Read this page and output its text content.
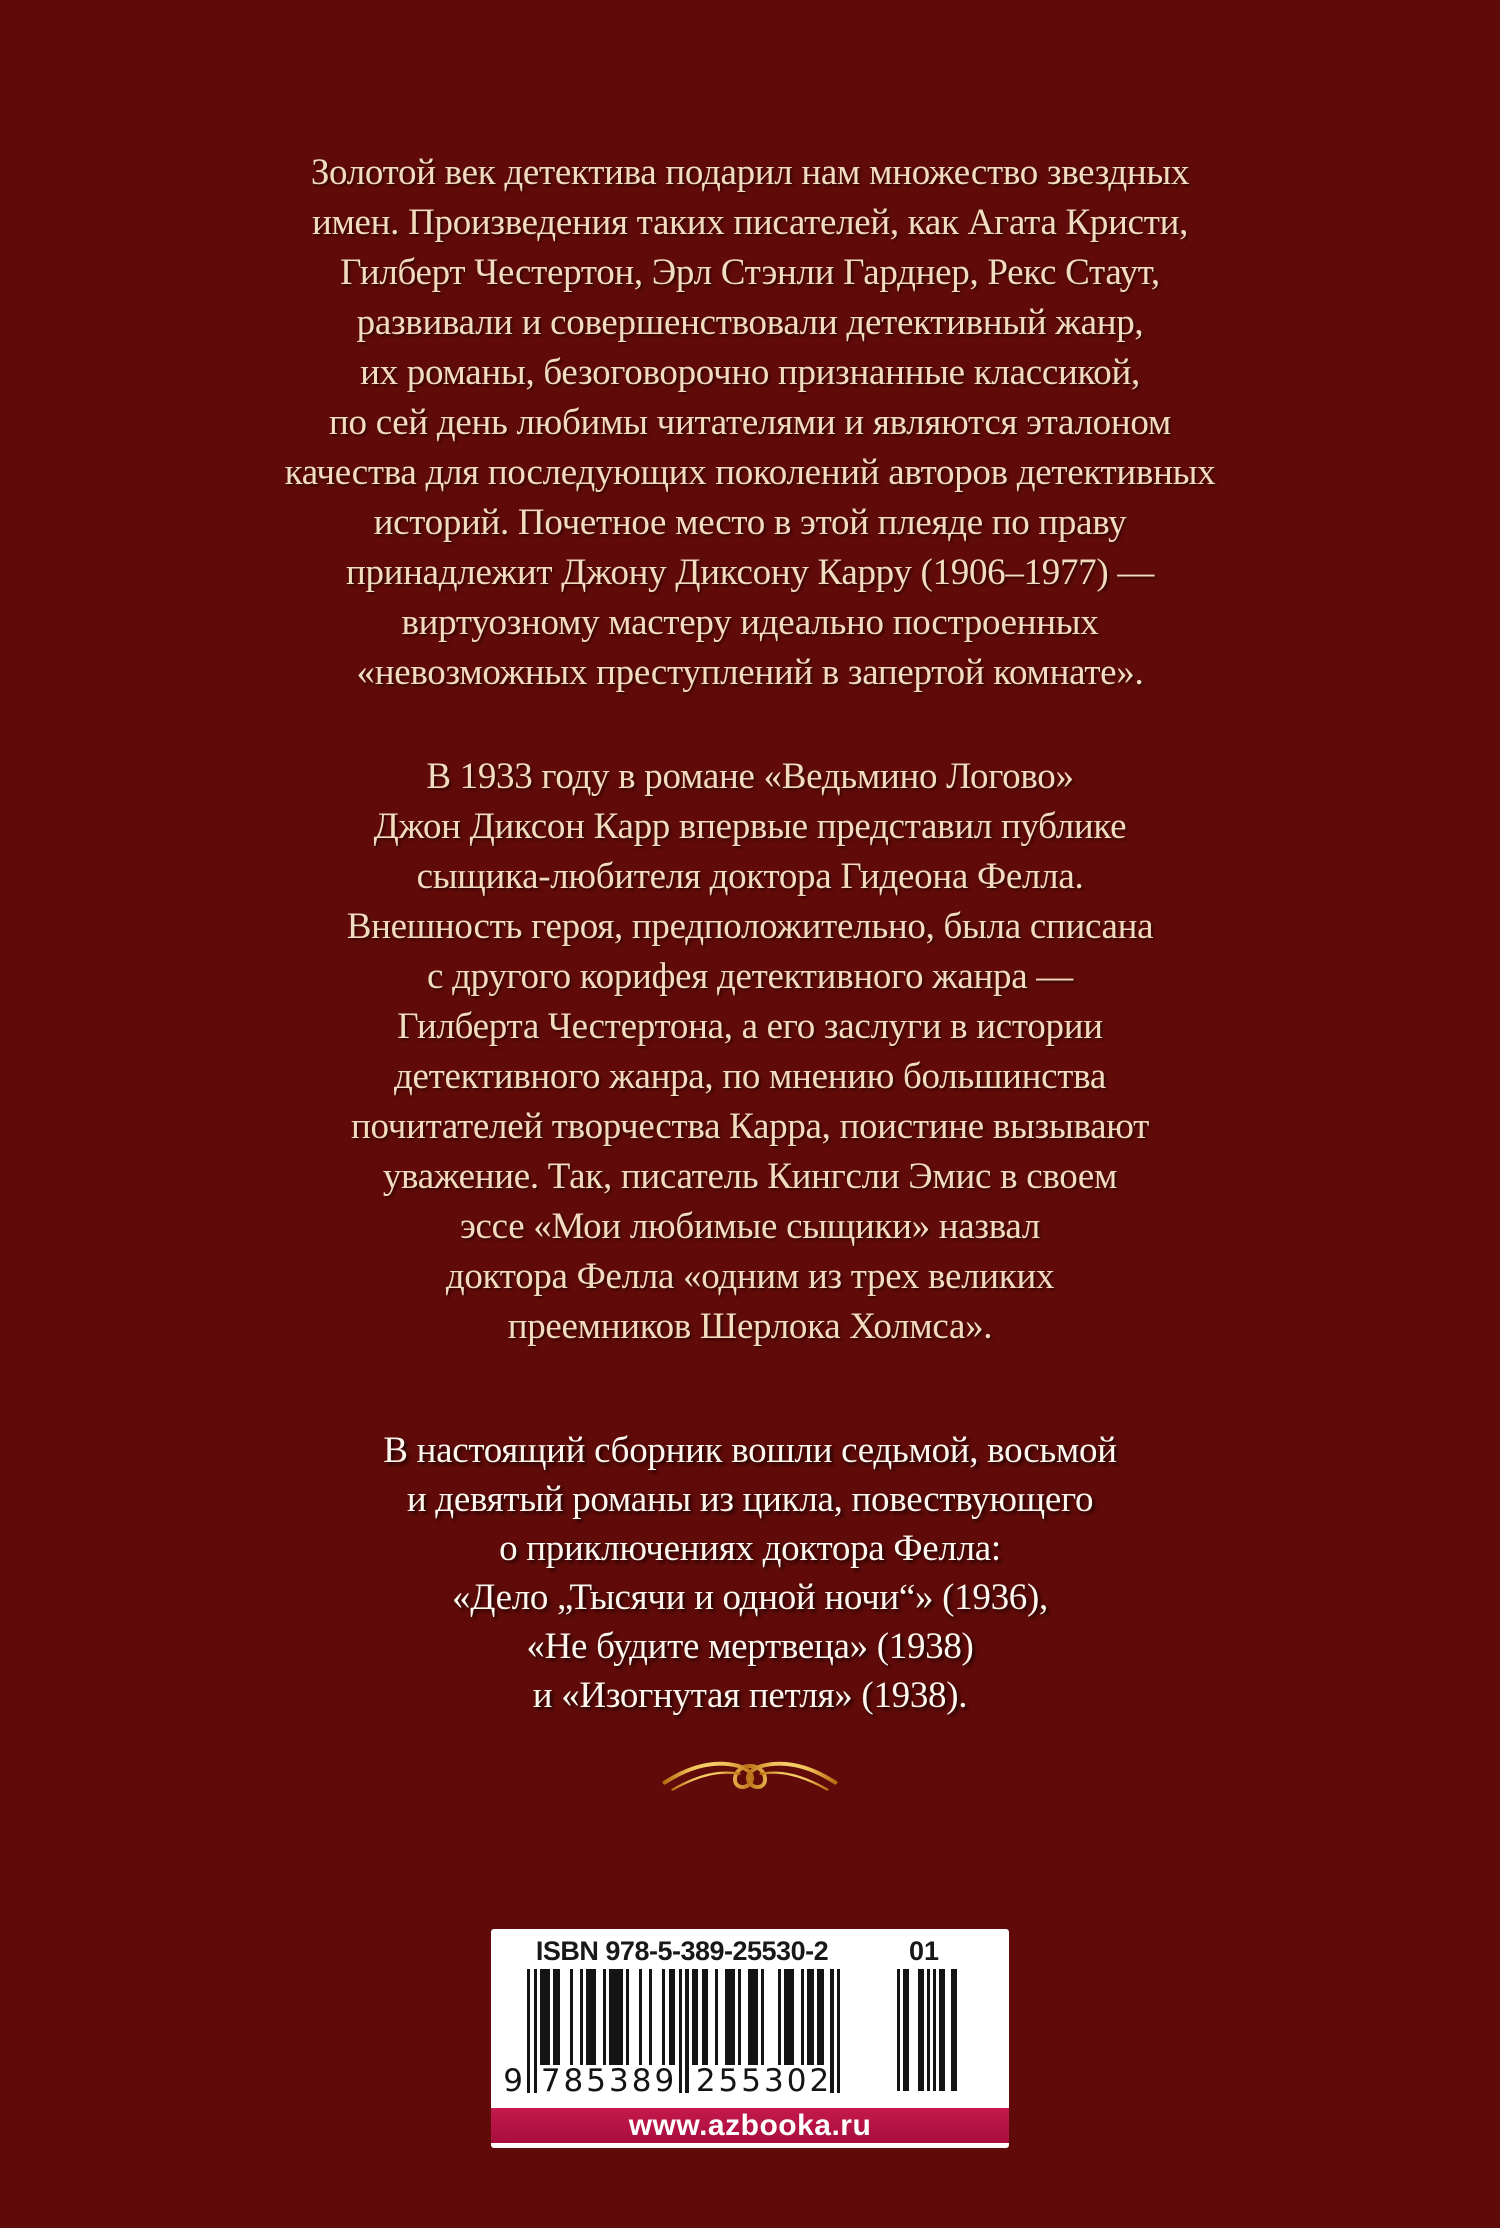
Золотой век детектива подарил нам множество звездных
имен. Произведения таких писателей, как Агата Кристи,
Гилберт Честертон, Эрл Стэнли Гарднер, Рекс Стаут,
развивали и совершенствовали детективный жанр,
их романы, безоговорочно признанные классикой,
по сей день любимы читателями и являются эталоном
качества для последующих поколений авторов детективных
историй. Почетное место в этой плеяде по праву
принадлежит Джону Диксону Карру (1906–1977) —
виртуозному мастеру идеально построенных
«невозможных преступлений в запертой комнате».
В 1933 году в романе «Ведьмино Логово»
Джон Диксон Карр впервые представил публике
сыщика-любителя доктора Гидеона Фелла.
Внешность героя, предположительно, была списана
с другого корифея детективного жанра —
Гилберта Честертона, а его заслуги в истории
детективного жанра, по мнению большинства
почитателей творчества Карра, поистине вызывают
уважение. Так, писатель Кингсли Эмис в своем
эссе «Мои любимые сыщики» назвал
доктора Фелла «одним из трех великих
преемников Шерлока Холмса».
В настоящий сборник вошли седьмой, восьмой
и девятый романы из цикла, повествующего
о приключениях доктора Фелла:
«Дело „Тысячи и одной ночи“» (1936),
«Не будите мертвеца» (1938)
и «Изогнутая петля» (1938).
ISBN 978-5-389-25530-2	01
9 785389 255302
www.azbooka.ru
